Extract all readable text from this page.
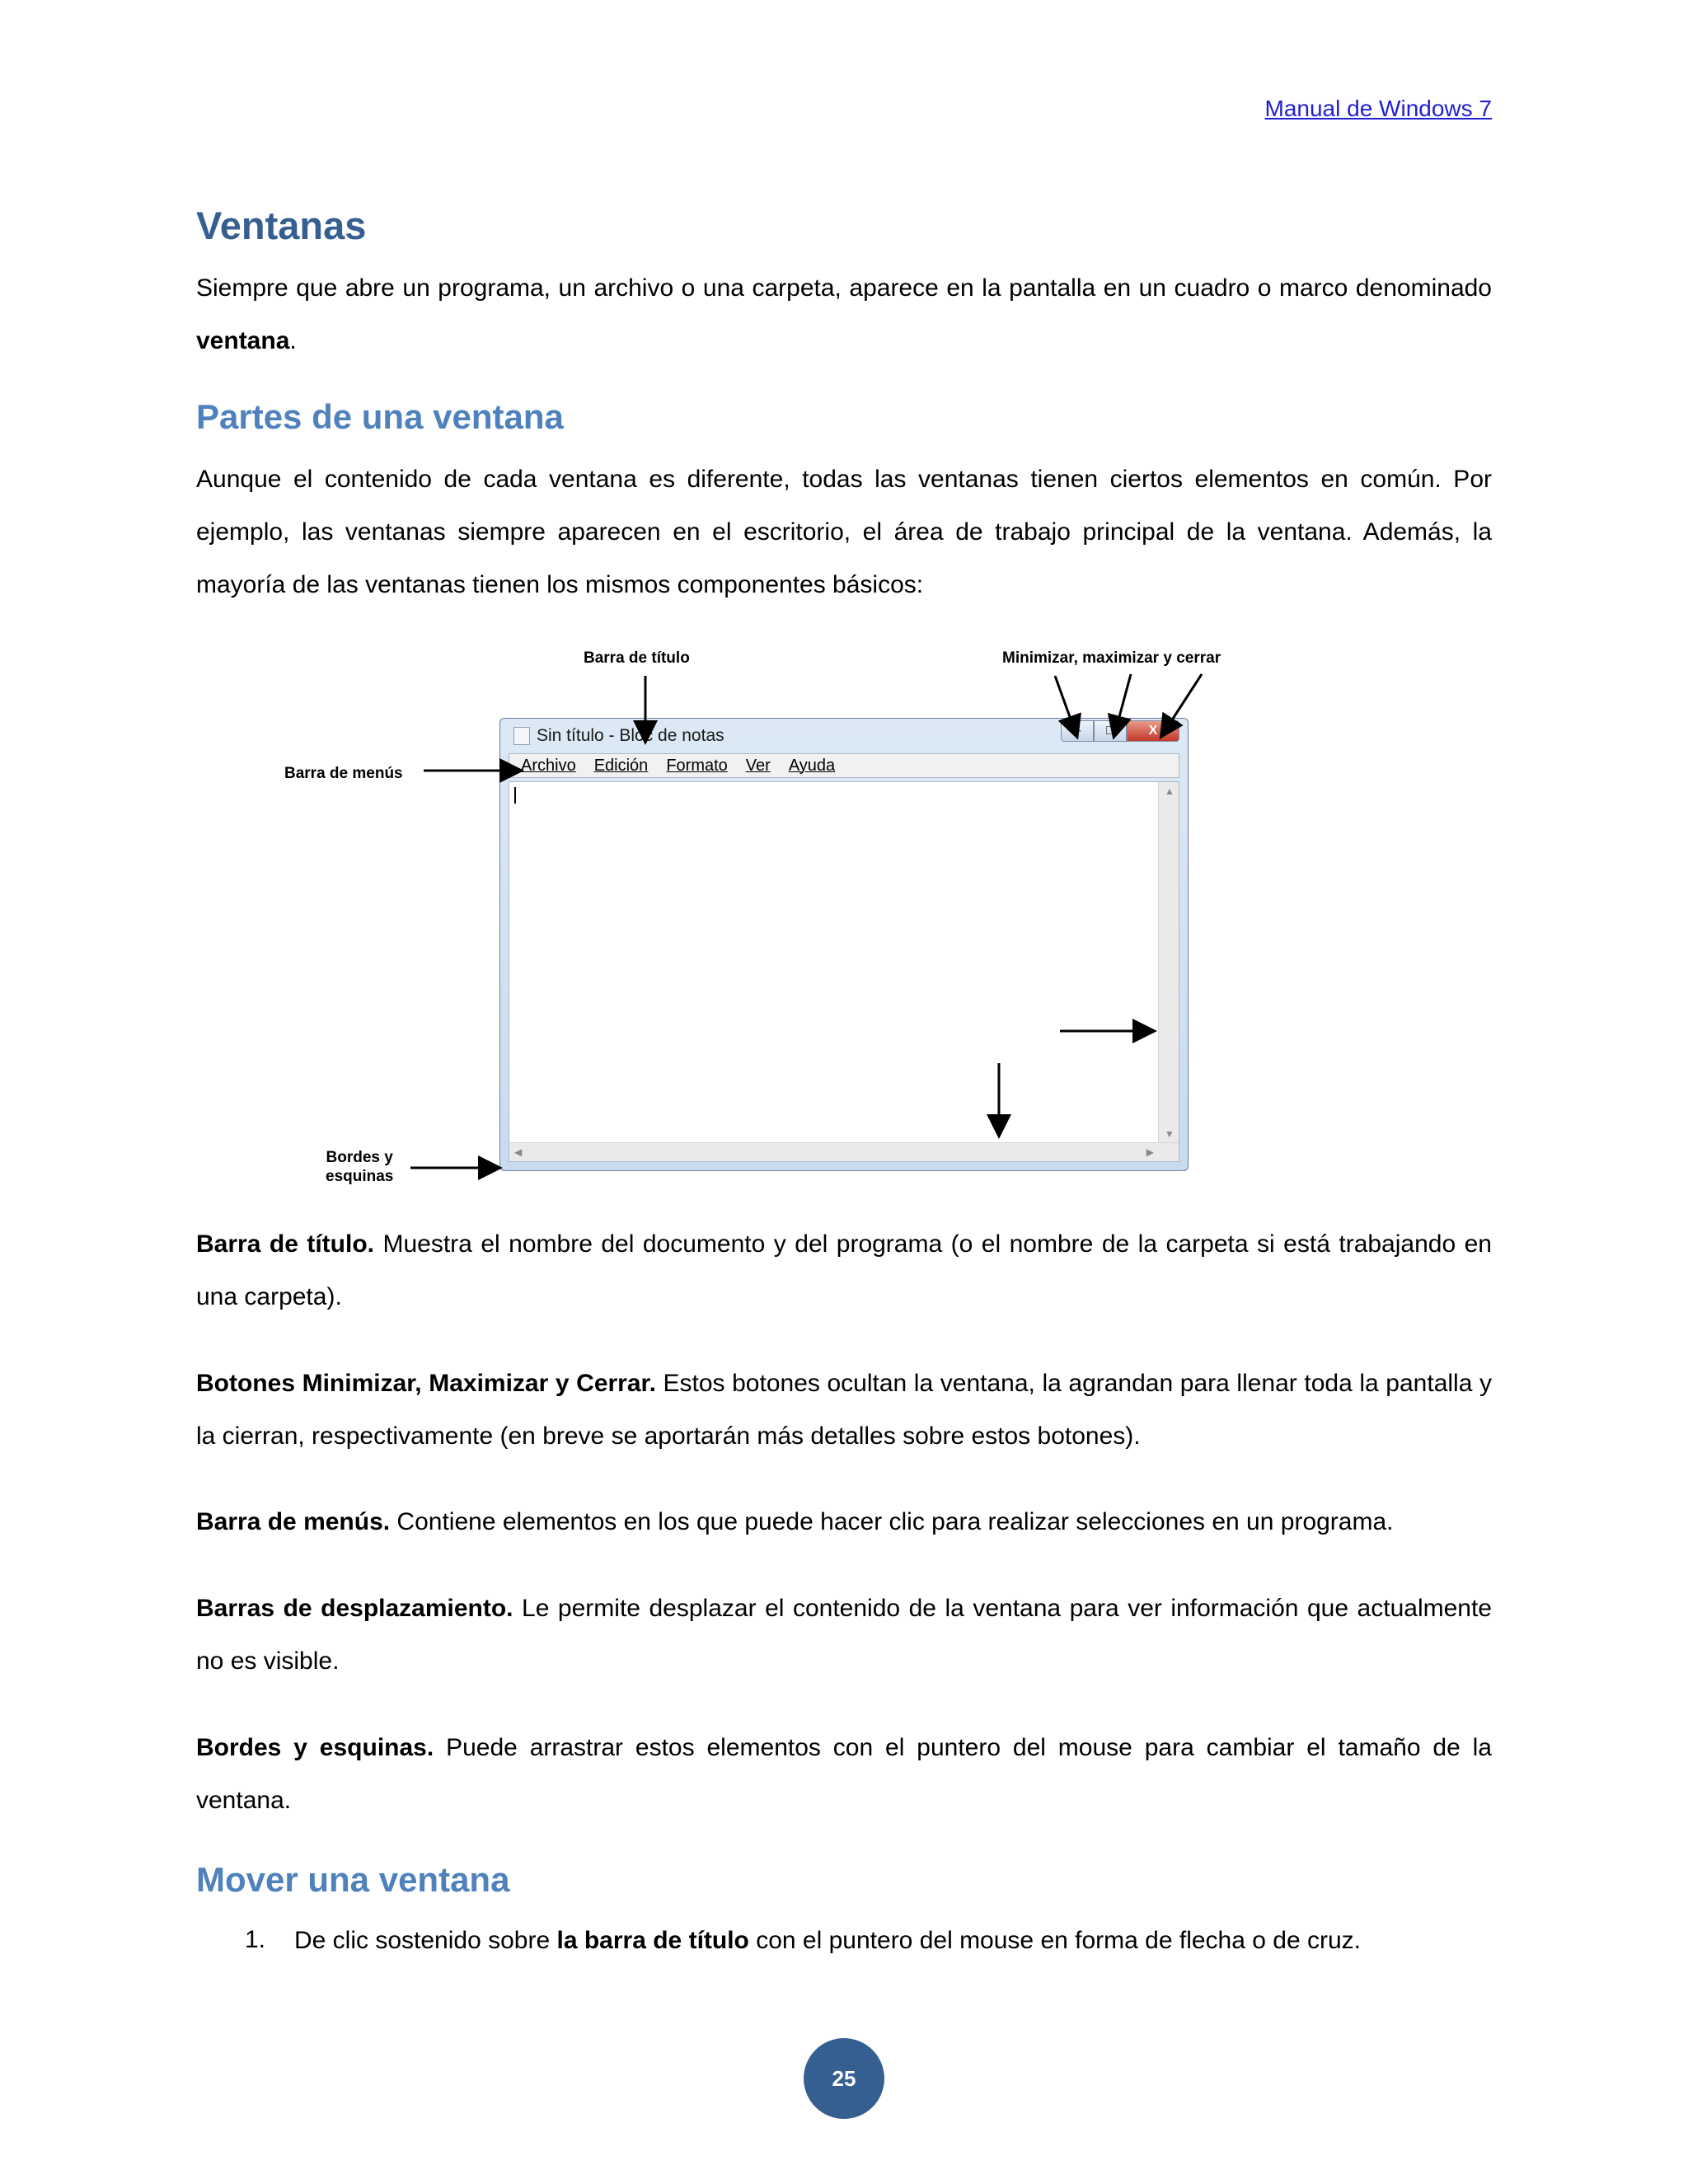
Manual de Windows 7
Ventanas

Siempre que abre un programa, un archivo o una carpeta, aparece en la pantalla en un cuadro o marco denominado ventana.

Partes de una ventana

Aunque el contenido de cada ventana es diferente, todas las ventanas tienen ciertos elementos en común. Por ejemplo, las ventanas siempre aparecen en el escritorio, el área de trabajo principal de la ventana. Además, la mayoría de las ventanas tienen los mismos componentes básicos:

Barra de título	Minimizar, maximizar y cerrar
Barra de menús

Bordes y
esquinas
Sin título - Bloc de notas	–	□	X
Archivo Edición Formato Ver Ayuda
▲
▼
◀	▶

Barra de título. Muestra el nombre del documento y del programa (o el nombre de la carpeta si está trabajando en una carpeta).

Botones Minimizar, Maximizar y Cerrar. Estos botones ocultan la ventana, la agrandan para llenar toda la pantalla y la cierran, respectivamente (en breve se aportarán más detalles sobre estos botones).

Barra de menús. Contiene elementos en los que puede hacer clic para realizar selecciones en un programa.

Barras de desplazamiento. Le permite desplazar el contenido de la ventana para ver información que actualmente no es visible.

Bordes y esquinas. Puede arrastrar estos elementos con el puntero del mouse para cambiar el tamaño de la ventana.

Mover una ventana
1. De clic sostenido sobre la barra de título con el puntero del mouse en forma de flecha o de cruz.

25
